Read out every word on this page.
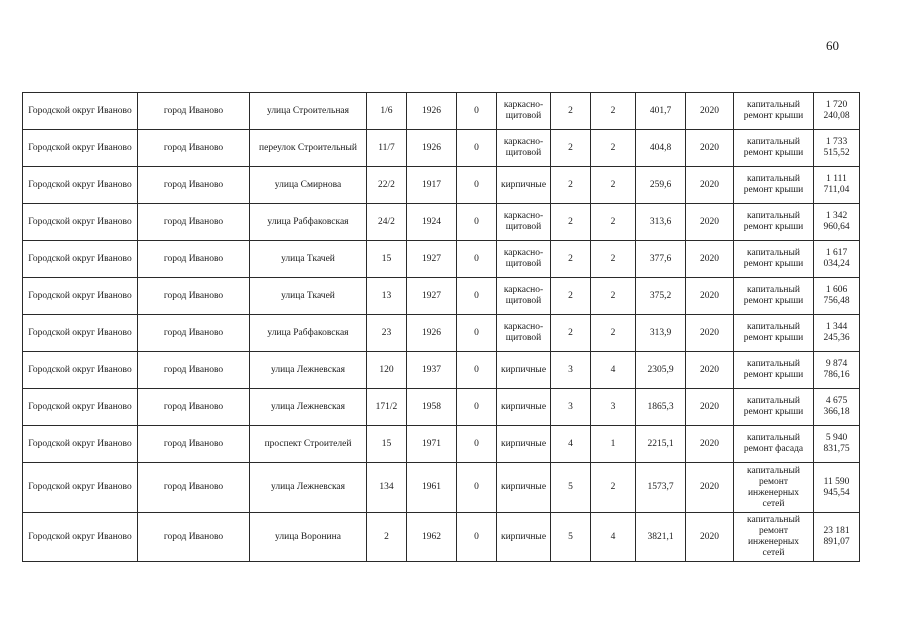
60
Городской округ Иваново	город Иваново	улица Строительная	1/6	1926	0	каркасно-щитовой	2	2	401,7	2020	капитальный ремонт крыши	1 720 240,08
Городской округ Иваново	город Иваново	переулок Строительный	11/7	1926	0	каркасно-щитовой	2	2	404,8	2020	капитальный ремонт крыши	1 733 515,52
Городской округ Иваново	город Иваново	улица Смирнова	22/2	1917	0	кирпичные	2	2	259,6	2020	капитальный ремонт крыши	1 111 711,04
Городской округ Иваново	город Иваново	улица Рабфаковская	24/2	1924	0	каркасно-щитовой	2	2	313,6	2020	капитальный ремонт крыши	1 342 960,64
Городской округ Иваново	город Иваново	улица Ткачей	15	1927	0	каркасно-щитовой	2	2	377,6	2020	капитальный ремонт крыши	1 617 034,24
Городской округ Иваново	город Иваново	улица Ткачей	13	1927	0	каркасно-щитовой	2	2	375,2	2020	капитальный ремонт крыши	1 606 756,48
Городской округ Иваново	город Иваново	улица Рабфаковская	23	1926	0	каркасно-щитовой	2	2	313,9	2020	капитальный ремонт крыши	1 344 245,36
Городской округ Иваново	город Иваново	улица Лежневская	120	1937	0	кирпичные	3	4	2305,9	2020	капитальный ремонт крыши	9 874 786,16
Городской округ Иваново	город Иваново	улица Лежневская	171/2	1958	0	кирпичные	3	3	1865,3	2020	капитальный ремонт крыши	4 675 366,18
Городской округ Иваново	город Иваново	проспект Строителей	15	1971	0	кирпичные	4	1	2215,1	2020	капитальный ремонт фасада	5 940 831,75
Городской округ Иваново	город Иваново	улица Лежневская	134	1961	0	кирпичные	5	2	1573,7	2020	капитальный ремонт инженерных сетей	11 590 945,54
Городской округ Иваново	город Иваново	улица Воронина	2	1962	0	кирпичные	5	4	3821,1	2020	капитальный ремонт инженерных сетей	23 181 891,07
